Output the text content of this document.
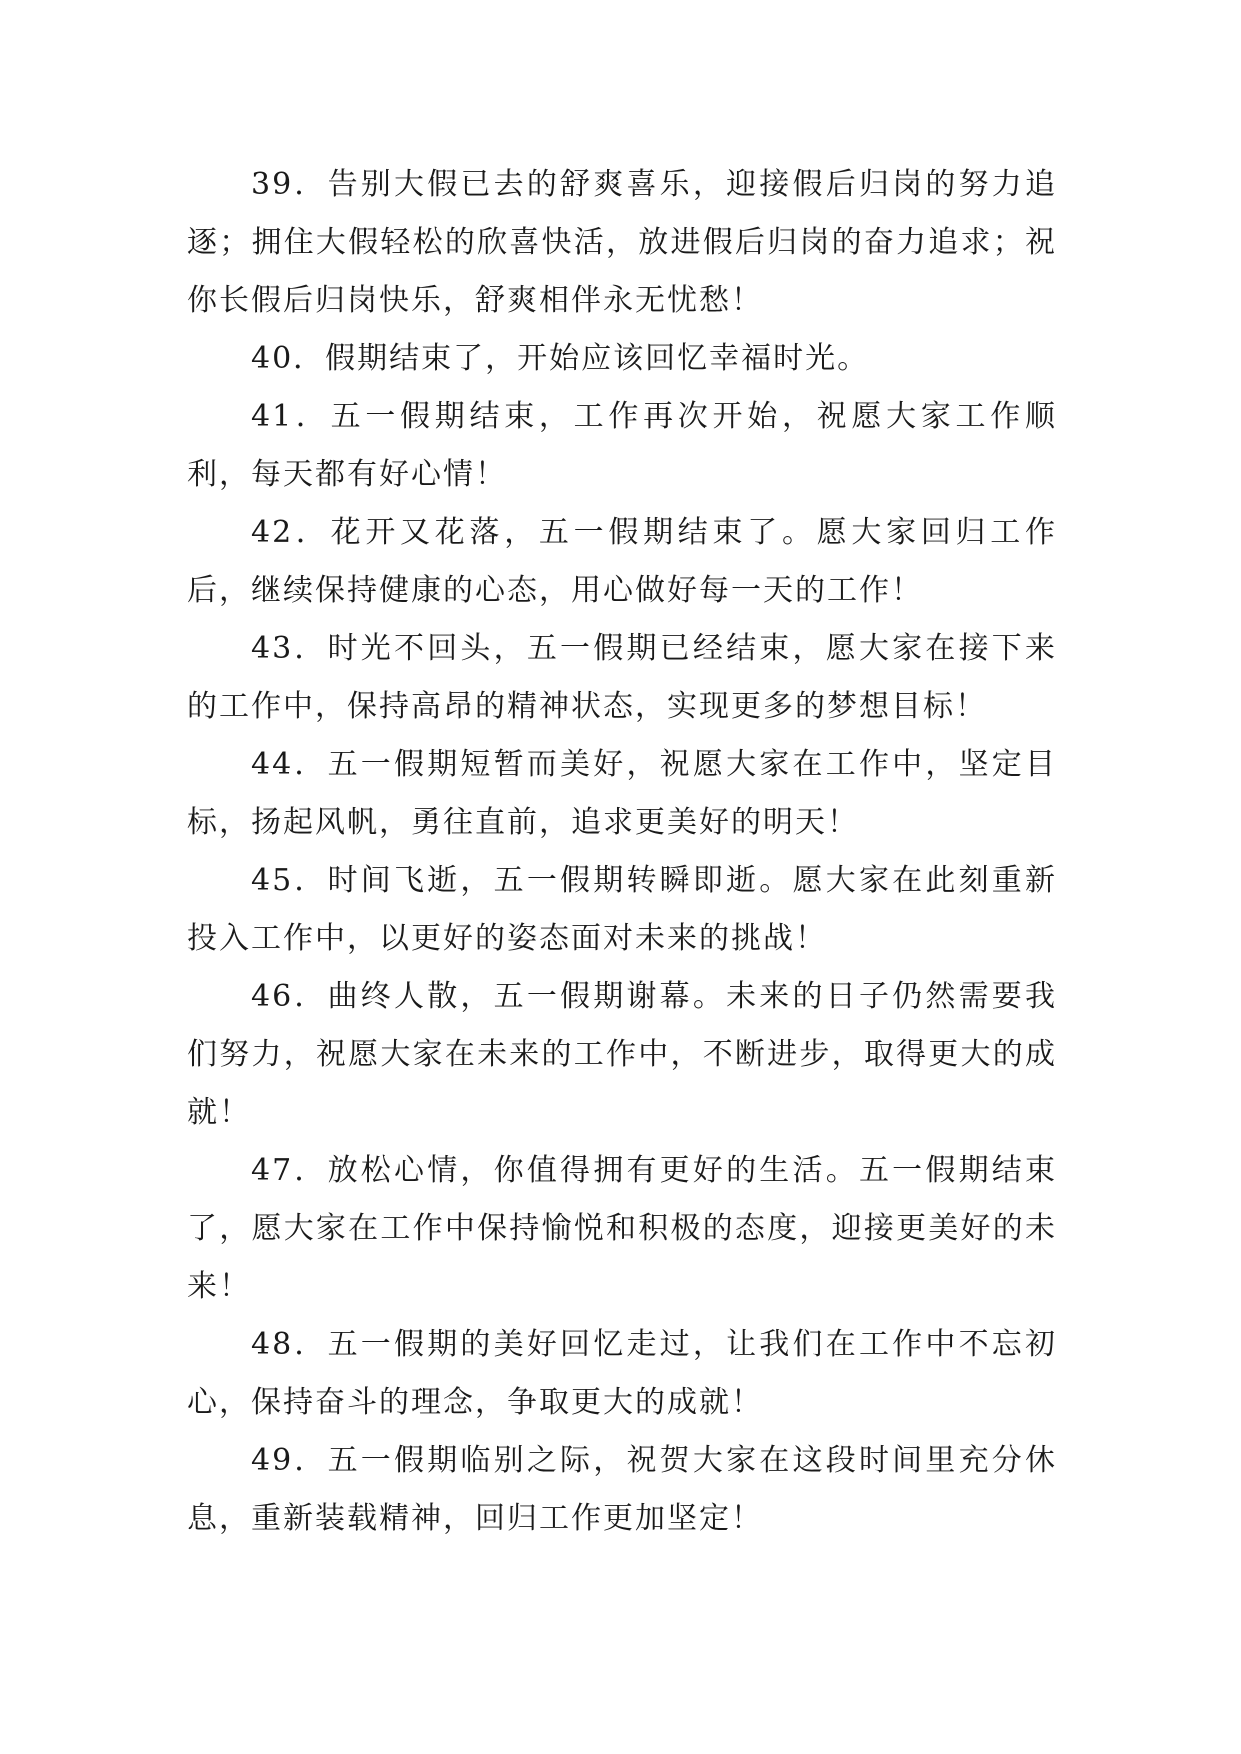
39．告别大假已去的舒爽喜乐，迎接假后归岗的努力追逐；拥住大假轻松的欣喜快活，放进假后归岗的奋力追求；祝你长假后归岗快乐，舒爽相伴永无忧愁！

40．假期结束了，开始应该回忆幸福时光。

41．五一假期结束，工作再次开始，祝愿大家工作顺利，每天都有好心情！

42．花开又花落，五一假期结束了。愿大家回归工作后，继续保持健康的心态，用心做好每一天的工作！

43．时光不回头，五一假期已经结束，愿大家在接下来的工作中，保持高昂的精神状态，实现更多的梦想目标！

44．五一假期短暂而美好，祝愿大家在工作中，坚定目标，扬起风帆，勇往直前，追求更美好的明天！

45．时间飞逝，五一假期转瞬即逝。愿大家在此刻重新投入工作中，以更好的姿态面对未来的挑战！

46．曲终人散，五一假期谢幕。未来的日子仍然需要我们努力，祝愿大家在未来的工作中，不断进步，取得更大的成就！

47．放松心情，你值得拥有更好的生活。五一假期结束了，愿大家在工作中保持愉悦和积极的态度，迎接更美好的未来！

48．五一假期的美好回忆走过，让我们在工作中不忘初心，保持奋斗的理念，争取更大的成就！

49．五一假期临别之际，祝贺大家在这段时间里充分休息，重新装载精神，回归工作更加坚定！
